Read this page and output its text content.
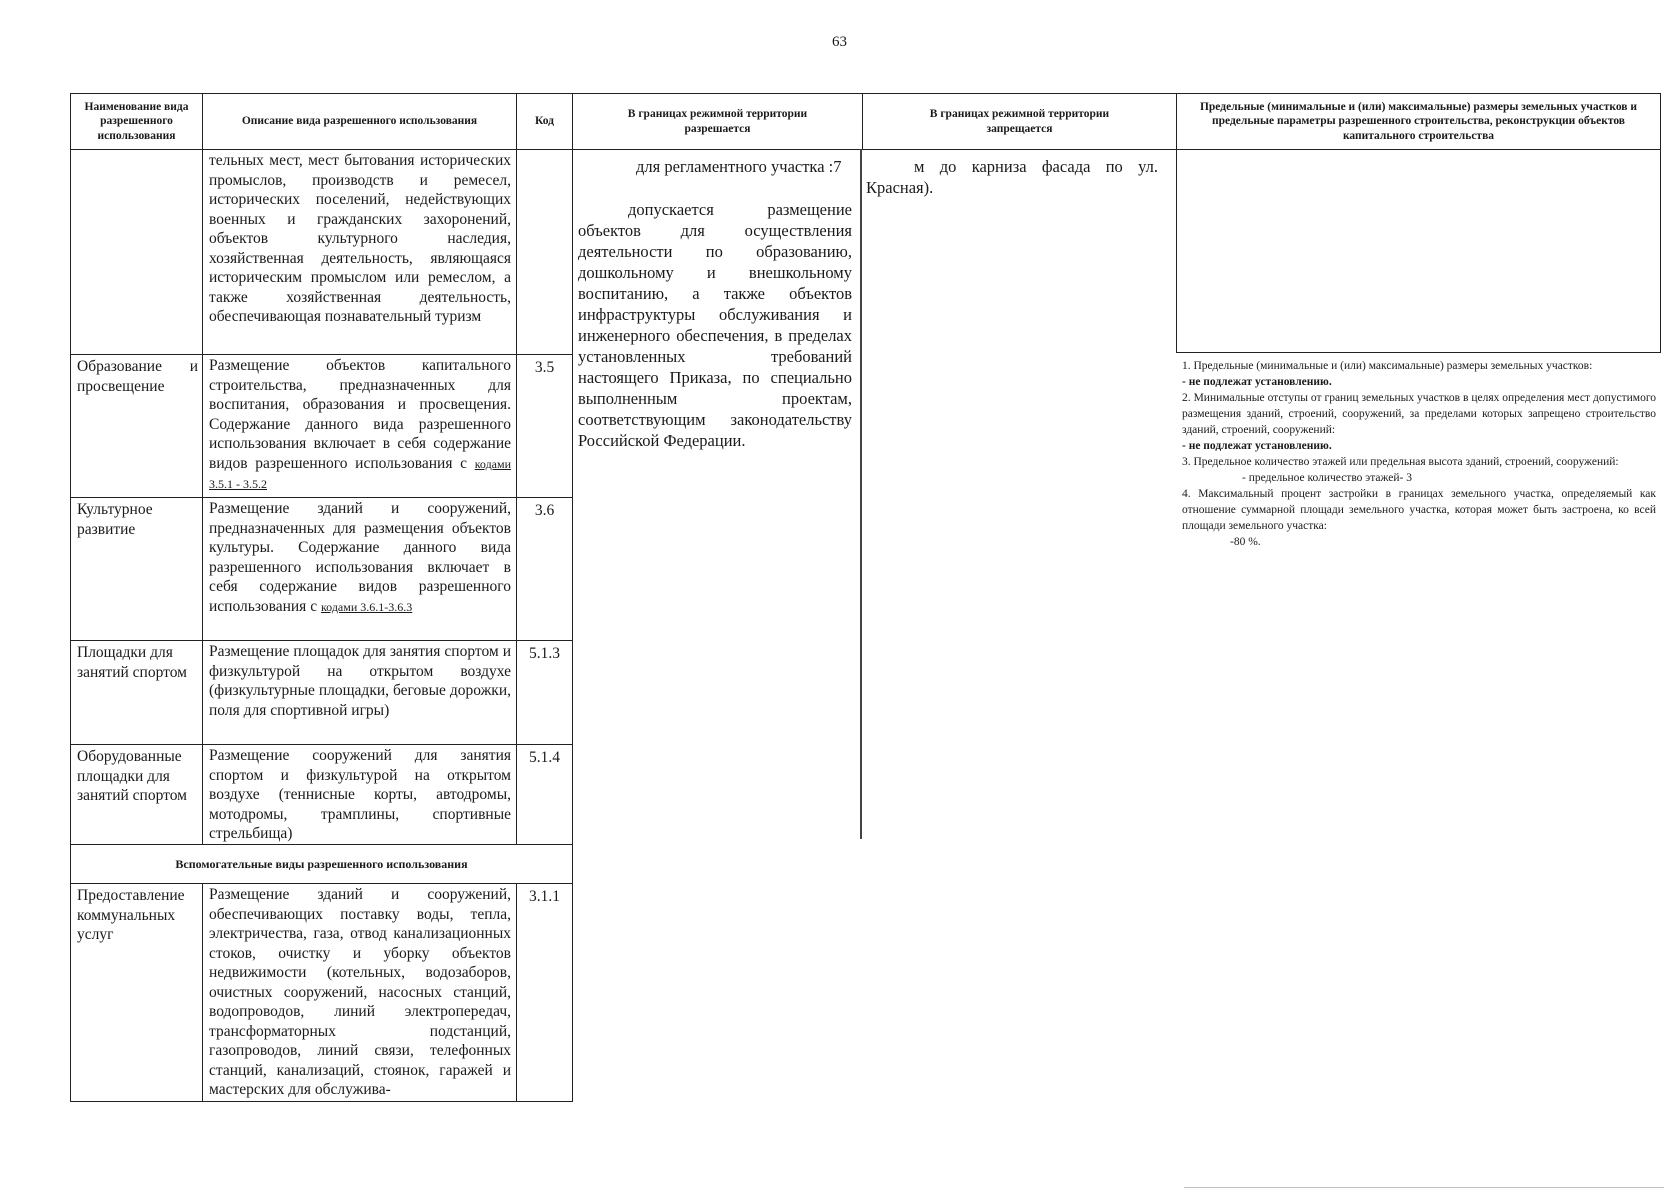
63
Наименование вида разрешенного использования
Описание вида разрешенного использования	Код
В границах режимной территории разрешается
В границах режимной территории запрещается
Предельные (минимальные и (или) максимальные) размеры земельных участков и предельные параметры разрешенного строительства, реконструкции объектов капитального строительства
тельных мест, мест бытования исторических промыслов, производств и ремесел, исторических поселений, недействующих военных и гражданских захоронений, объектов культурного наследия, хозяйственная деятельность, являющаяся историческим промыслом или ремеслом, а также хозяйственная деятельность, обеспечивающая познавательный туризм
Образование и просвещение
Размещение объектов капитального строительства, предназначенных для воспитания, образования и просвещения. Содержание данного вида разрешенного использования включает в себя содержание видов разрешенного использования с кодами 3.5.1 - 3.5.2
3.5
Культурное развитие
Размещение зданий и сооружений, предназначенных для размещения объектов культуры. Содержание данного вида разрешенного использования включает в себя содержание видов разрешенного использования с кодами 3.6.1-3.6.3
3.6
Площадки для занятий спортом
Размещение площадок для занятия спортом и физкультурой на открытом воздухе (физкультурные площадки, беговые дорожки, поля для спортивной игры)
5.1.3
Оборудованные площадки для занятий спортом
Размещение сооружений для занятия спортом и физкультурой на открытом воздухе (теннисные корты, автодромы, мотодромы, трамплины, спортивные стрельбища)
5.1.4
Вспомогательные виды разрешенного использования
Предоставление коммунальных услуг
Размещение зданий и сооружений, обеспечивающих поставку воды, тепла, электричества, газа, отвод канализационных стоков, очистку и уборку объектов недвижимости (котельных, водозаборов, очистных сооружений, насосных станций, водопроводов, линий электропередач, трансформаторных подстанций, газопроводов, линий связи, телефонных станций, канализаций, стоянок, гаражей и мастерских для обслужива-
3.1.1
для регламентного участка :7
допускается размещение объектов для осуществления деятельности по образованию, дошкольному и внешкольному воспитанию, а также объектов инфраструктуры обслуживания и инженерного обеспечения, в пределах установленных требований настоящего Приказа, по специально выполненным проектам, соответствующим законодательству Российской Федерации.
м до карниза фасада по ул. Красная).

1. Предельные (минимальные и (или) максимальные) размеры земельных участков:

- не подлежат установлению.

2. Минимальные отступы от границ земельных участков в целях определения мест допустимого размещения зданий, строений, сооружений, за пределами которых запрещено строительство зданий, строений, сооружений:

- не подлежат установлению.

3. Предельное количество этажей или предельная высота зданий, строений, сооружений:

- предельное количество этажей- 3

4. Максимальный процент застройки в границах земельного участка, определяемый как отношение суммарной площади земельного участка, которая может быть застроена, ко всей площади земельного участка:

-80 %.
